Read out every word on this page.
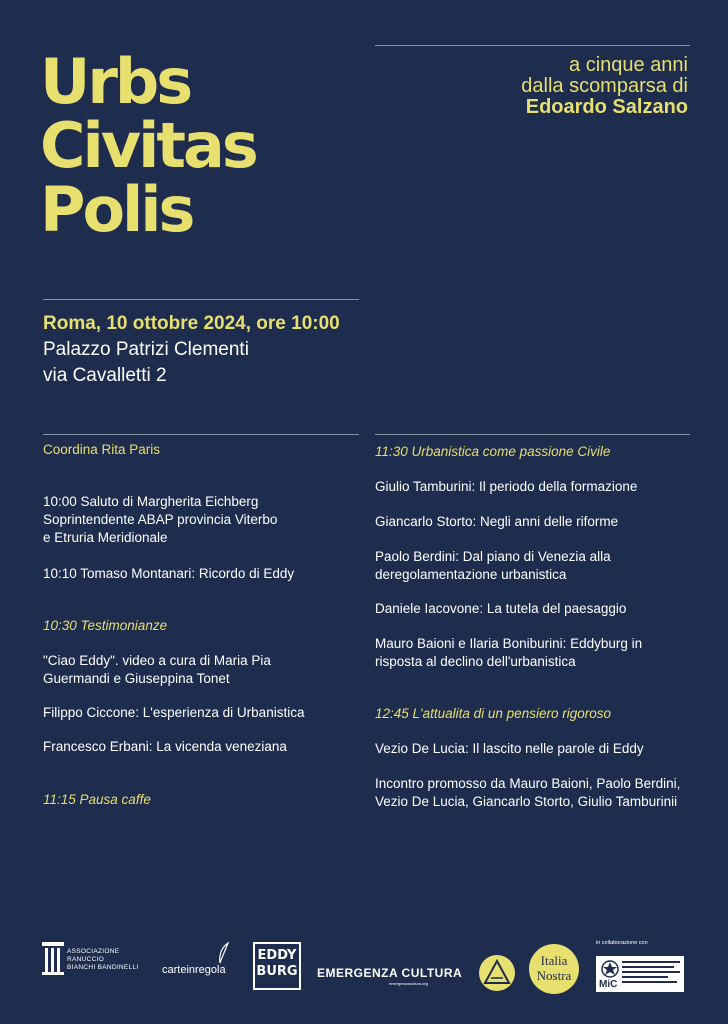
Urbs
Civitas
Polis
a cinque anni
dalla scomparsa di
Edoardo Salzano
Roma, 10 ottobre 2024, ore 10:00
Palazzo Patrizi Clementi
via Cavalletti 2
Coordina Rita Paris
10:00 Saluto di Margherita Eichberg
Soprintendente ABAP provincia Viterbo
e Etruria Meridionale
10:10 Tomaso Montanari: Ricordo di Eddy
10:30 Testimonianze
"Ciao Eddy". video a cura di Maria Pia
Guermandi e Giuseppina Tonet
Filippo Ciccone: L'esperienza di Urbanistica
Francesco Erbani: La vicenda veneziana
11:15 Pausa caffe
11:30 Urbanistica come passione Civile
Giulio Tamburini: Il periodo della formazione
Giancarlo Storto: Negli anni delle riforme
Paolo Berdini: Dal piano di Venezia alla
deregolamentazione urbanistica
Daniele Iacovone: La tutela del paesaggio
Mauro Baioni e Ilaria Boniburini: Eddyburg in
risposta al declino dell'urbanistica
12:45 L'attualita di un pensiero rigoroso
Vezio De Lucia: Il lascito nelle parole di Eddy
Incontro promosso da Mauro Baioni, Paolo Berdini,
Vezio De Lucia, Giancarlo Storto, Giulio Tamburinii
ASSOCIAZIONE
RANUCCIO
BIANCHI BANDINELLI carteinregola
EDDY
BURG EMERGENZA CULTURA
emergenzacultura.org
Italia
Nostra
in collaborazione con
MiC
